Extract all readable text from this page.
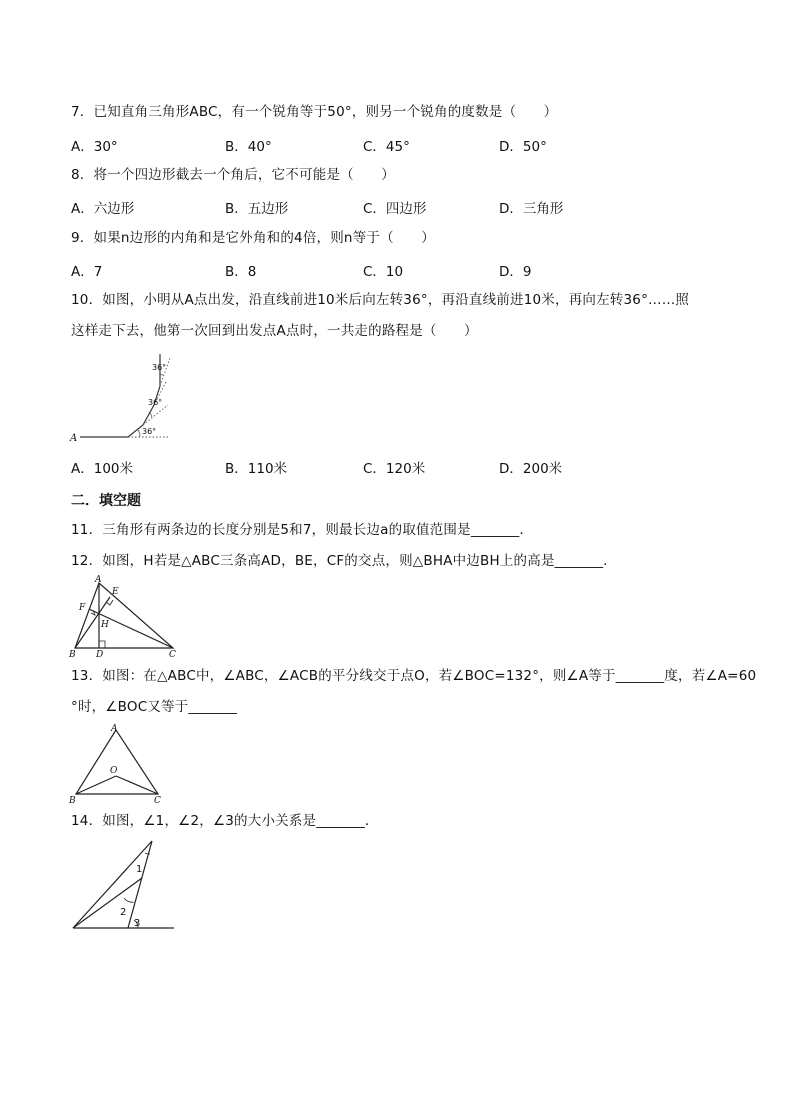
7．已知直角三角形ABC，有一个锐角等于50°，则另一个锐角的度数是（　　）
A．30°	B．40°	C．45°	D．50°
8．将一个四边形截去一个角后，它不可能是（　　）
A．六边形	B．五边形	C．四边形	D．三角形
9．如果n边形的内角和是它外角和的4倍，则n等于（　　）
A．7	B．8	C．10	D．9
10．如图，小明从A点出发，沿直线前进10米后向左转36°，再沿直线前进10米，再向左转36°……照
这样走下去，他第一次回到出发点A点时，一共走的路程是（　　）
A
36°
36°
36°
A．100米	B．110米	C．120米	D．200米
二．填空题
11．三角形有两条边的长度分别是5和7，则最长边a的取值范围是_______．
12．如图，H若是△ABC三条高AD，BE，CF的交点，则△BHA中边BH上的高是_______．
A
E
F
H
B D	C
13．如图：在△ABC中，∠ABC，∠ACB的平分线交于点O，若∠BOC=132°，则∠A等于_______度，若∠A=60
°时，∠BOC又等于_______
A
O
B	C
14．如图，∠1，∠2，∠3的大小关系是_______．
1
2
3
